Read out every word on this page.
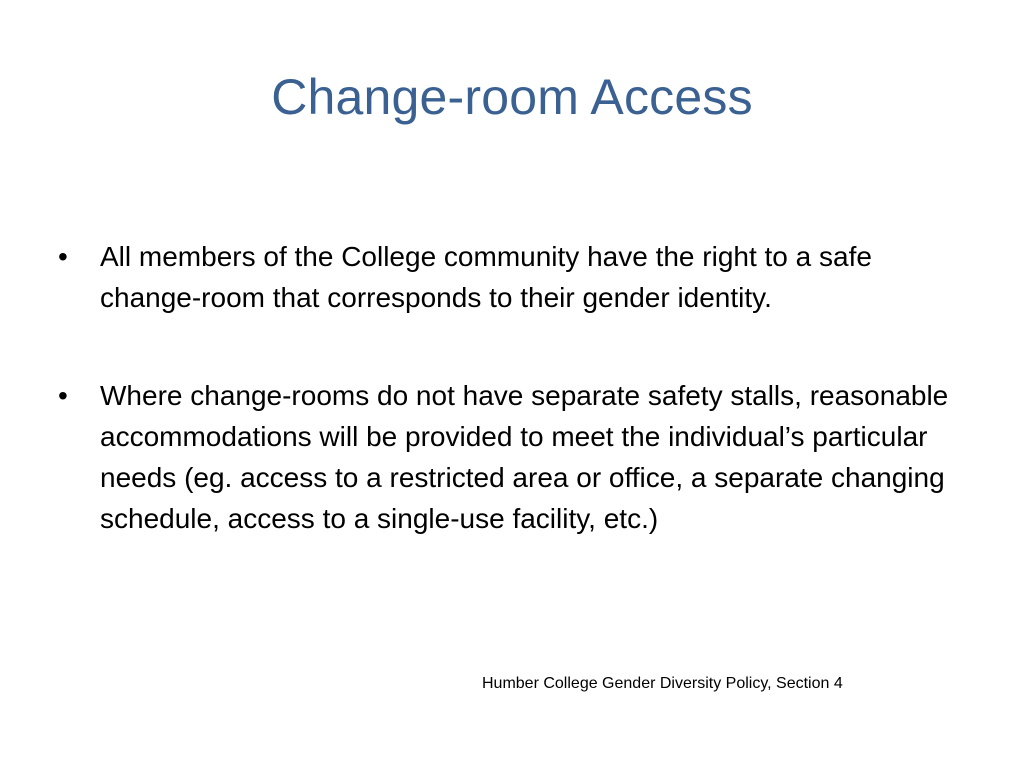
Change-room Access
•	All members of the College community have the right to a safe change-room that corresponds to their gender identity.
•	Where change-rooms do not have separate safety stalls, reasonable accommodations will be provided to meet the individual’s particular needs (eg. access to a restricted area or office, a separate changing schedule, access to a single-use facility, etc.)
Humber College Gender Diversity Policy, Section 4
